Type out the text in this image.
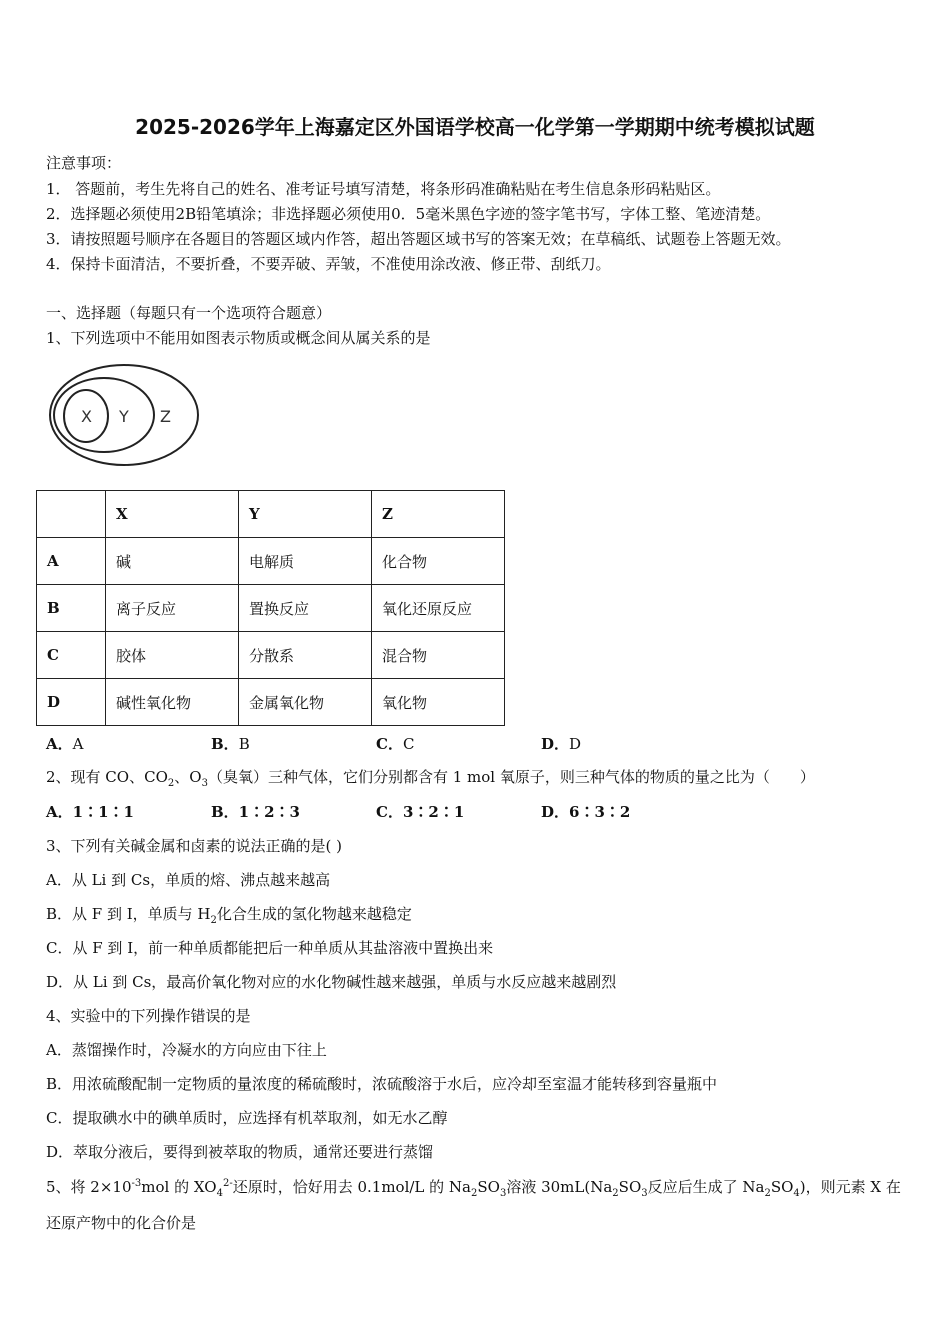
2025-2026学年上海嘉定区外国语学校高一化学第一学期期中统考模拟试题
注意事项：
1． 答题前，考生先将自己的姓名、准考证号填写清楚，将条形码准确粘贴在考生信息条形码粘贴区。
2．选择题必须使用2B铅笔填涂；非选择题必须使用0．5毫米黑色字迹的签字笔书写，字体工整、笔迹清楚。
3．请按照题号顺序在各题目的答题区域内作答，超出答题区域书写的答案无效；在草稿纸、试题卷上答题无效。
4．保持卡面清洁，不要折叠，不要弄破、弄皱，不准使用涂改液、修正带、刮纸刀。
一、选择题（每题只有一个选项符合题意）
1、下列选项中不能用如图表示物质或概念间从属关系的是
X Y Z
	X	Y	Z
A	碱	电解质	化合物
B	离子反应	置换反应	氧化还原反应
C	胶体	分散系	混合物
D	碱性氧化物	金属氧化物	氧化物
A．A	B．B	C．C	D．D
2、现有 CO、$CO_2$、$O_3$（臭氧）三种气体，它们分别都含有 1 mol 氧原子，则三种气体的物质的量之比为（　　）
A．1∶1∶1	B．1∶2∶3	C．3∶2∶1	D．6∶3∶2
3、下列有关碱金属和卤素的说法正确的是( )
A．从 Li 到 Cs，单质的熔、沸点越来越高
B．从 F 到 I，单质与 $H_2$化合生成的氢化物越来越稳定
C．从 F 到 I，前一种单质都能把后一种单质从其盐溶液中置换出来
D．从 Li 到 Cs，最高价氧化物对应的水化物碱性越来越强，单质与水反应越来越剧烈
4、实验中的下列操作错误的是
A．蒸馏操作时，冷凝水的方向应由下往上
B．用浓硫酸配制一定物质的量浓度的稀硫酸时，浓硫酸溶于水后，应冷却至室温才能转移到容量瓶中
C．提取碘水中的碘单质时，应选择有机萃取剂，如无水乙醇
D．萃取分液后，要得到被萃取的物质，通常还要进行蒸馏
5、将 $2\times 10^{-3}mol$ 的 $XO_4^{2-}$还原时，恰好用去 0.1mol/L 的 $Na_2SO_3$溶液 $30mL(Na_2SO_3$反应后生成了 $Na_2SO_4$)，则元素 X 在
还原产物中的化合价是
